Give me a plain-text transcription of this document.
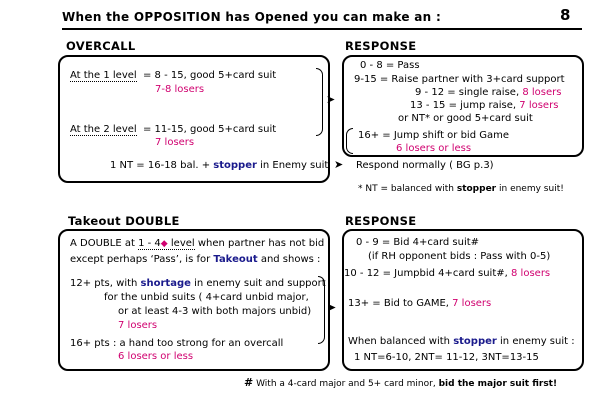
When the OPPOSITION has Opened you can make an :	8
OVERCALL
At the 1 level = 8 - 15, good 5+card suit
7-8 losers
At the 2 level = 11-15, good 5+card suit
7 losers
1 NT = 16-18 bal. + stopper in Enemy suit
➤
➤
RESPONSE
0 - 8 = Pass
9-15 = Raise partner with 3+card support
9 - 12 = single raise, 8 losers
13 - 15 = jump raise, 7 losers
or NT* or good 5+card suit
16+ = Jump shift or bid Game
6 losers or less
Respond normally ( BG p.3)
* NT = balanced with stopper in enemy suit!
Takeout DOUBLE
A DOUBLE at 1 - 4◆ level when partner has not bid
except perhaps ‘Pass’, is for Takeout and shows :
12+ pts, with shortage in enemy suit and support
for the unbid suits ( 4+card unbid major,
or at least 4-3 with both majors unbid)
7 losers
16+ pts : a hand too strong for an overcall
6 losers or less
➤
RESPONSE
0 - 9 = Bid 4+card suit#
(if RH opponent bids : Pass with 0-5)
10 - 12 = Jumpbid 4+card suit#, 8 losers
13+ = Bid to GAME, 7 losers
When balanced with stopper in enemy suit :
1 NT=6-10, 2NT= 11-12, 3NT=13-15
# With a 4-card major and 5+ card minor, bid the major suit first!
